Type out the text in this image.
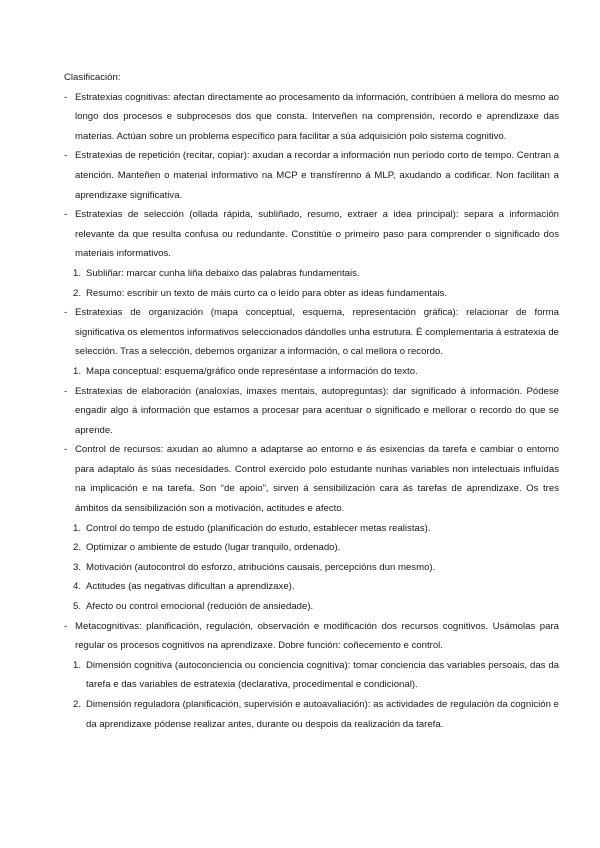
Clasificación:
- Estratexias cognitivas: afectan directamente ao procesamento da información, contribúen á mellora do mesmo ao longo dos procesos e subprocesos dos que consta. Interveñen na comprensión, recordo e aprendizaxe das materias. Actúan sobre un problema específico para facilitar a súa adquisición polo sistema cognitivo.
- Estratexias de repetición (recitar, copiar): axudan a recordar a información nun período corto de tempo. Centran a atención. Manteñen o material informativo na MCP e transfírenno á MLP, axudando a codificar. Non facilitan a aprendizaxe significativa.
- Estratexias de selección (ollada rápida, subliñado, resumo, extraer a idea principal): separa a información relevante da que resulta confusa ou redundante. Constitúe o primeiro paso para comprender o significado dos materiais informativos.
1. Subliñar: marcar cunha liña debaixo das palabras fundamentais.
2. Resumo: escribir un texto de máis curto ca o leído para obter as ideas fundamentais.
- Estratexias de organización (mapa conceptual, esquema, representación gráfica): relacionar de forma significativa os elementos informativos seleccionados dándolles unha estrutura. É complementaria á estratexia de selección. Tras a selección, debemos organizar a información, o cal mellora o recordo.
1. Mapa conceptual: esquema/gráfico onde represéntase a información do texto.
- Estratexias de elaboración (analoxías, imaxes mentais, autopreguntas): dar significado á información. Pódese engadir algo á información que estamos a procesar para acentuar o significado e mellorar o recordo do que se aprende.
- Control de recursos: axudan ao alumno a adaptarse ao entorno e ás esixencias da tarefa e cambiar o entorno para adaptalo ás súas necesidades. Control exercido polo estudante nunhas variables non intelectuais influídas na implicación e na tarefa. Son “de apoio”, sirven á sensibilización cara ás tarefas de aprendizaxe. Os tres ámbitos da sensibilización son a motivación, actitudes e afecto.
1. Control do tempo de estudo (planificación do estudo, establecer metas realistas).
2. Optimizar o ambiente de estudo (lugar tranquilo, ordenado).
3. Motivación (autocontrol do esforzo, atribucións causais, percepcións dun mesmo).
4. Actitudes (as negativas dificultan a aprendizaxe).
5. Afecto ou control emocional (redución de ansiedade).
- Metacognitivas: planificación, regulación, observación e modificación dos recursos cognitivos. Usámolas para regular os procesos cognitivos na aprendizaxe. Dobre función: coñecemento e control.
1. Dimensión cognitiva (autoconciencia ou conciencia cognitiva): tomar conciencia das variables persoais, das da tarefa e das variables de estratexia (declarativa, procedimental e condicional).
2. Dimensión reguladora (planificación, supervisión e autoavaliación): as actividades de regulación da cognición e da aprendizaxe pódense realizar antes, durante ou despois da realización da tarefa.
